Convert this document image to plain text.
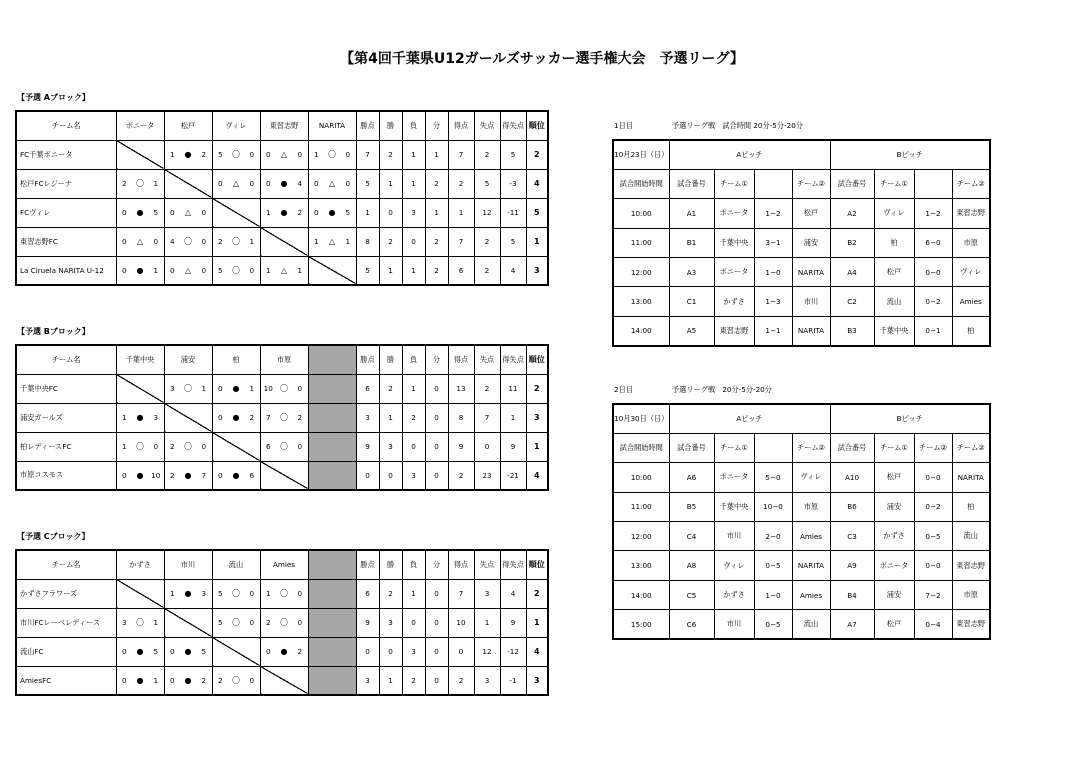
【第4回千葉県U12ガールズサッカー選手権大会　予選リーグ】
【予選 Aブロック】
チーム名	ボニータ			松戸			ヴィレ			東習志野			NARITA			勝点	勝	負	分	得点	失点	得失点	順位
FC千葉ボニータ				1	●	2	5	〇	0	0	△	0	1	〇	0	7	2	1	1	7	2	5	2
松戸FCレジーナ	2	〇	1				0	△	0	0	●	4	0	△	0	5	1	1	2	2	5	-3	4
FCヴィレ	0	●	5	0	△	0				1	●	2	0	●	5	1	0	3	1	1	12	-11	5
東習志野FC	0	△	0	4	〇	0	2	〇	1				1	△	1	8	2	0	2	7	2	5	1
La Ciruela NARITA U-12	0	●	1	0	△	0	5	〇	0	1	△	1				5	1	1	2	6	2	4	3
【予選 Bブロック】
チーム名	千葉中央			浦安			柏			市原				勝点	勝	負	分	得点	失点	得失点	順位
千葉中央FC				3	〇	1	0	●	1	10	〇	0		6	2	1	0	13	2	11	2
浦安ガールズ	1	●	3				0	●	2	7	〇	2		3	1	2	0	8	7	1	3
柏レディースFC	1	〇	0	2	〇	0				6	〇	0		9	3	0	0	9	0	9	1
市原コスモス	0	●	10	2	●	7	0	●	6					0	0	3	0	2	23	-21	4
【予選 Cブロック】
チーム名	かずさ			市川			流山			Amies				勝点	勝	負	分	得点	失点	得失点	順位
かずさフラワーズ				1	●	3	5	〇	0	1	〇	0		6	2	1	0	7	3	4	2
市川FCレーベレディース	3	〇	1				5	〇	0	2	〇	0		9	3	0	0	10	1	9	1
流山FC	0	●	5	0	●	5				0	●	2		0	0	3	0	0	12	-12	4
AmiesFC	0	●	1	0	●	2	2	〇	0					3	1	2	0	2	3	-1	3
1日目	予選リーグ戦　試合時間 20分-5分-20分
10月23日（日）	Aピッチ				Bピッチ			
試合開始時間	試合番号	チーム①		チーム②	試合番号	チーム①		チーム②
10:00	A1	ボニータ	1−2	松戸	A2	ヴィレ	1−2	東習志野
11:00	B1	千葉中央	3−1	浦安	B2	柏	6−0	市原
12:00	A3	ボニータ	1−0	NARITA	A4	松戸	0−0	ヴィレ
13:00	C1	かずさ	1−3	市川	C2	流山	0−2	Amies
14:00	A5	東習志野	1−1	NARITA	B3	千葉中央	0−1	柏
2日目	予選リーグ戦　20分-5分-20分
10月30日（日）	Aピッチ				Bピッチ			
試合開始時間	試合番号	チーム①		チーム②	試合番号	チーム①	チーム②	チーム②
10:00	A6	ボニータ	5−0	ヴィレ	A10	松戸	0−0	NARITA
11:00	B5	千葉中央	10−0	市原	B6	浦安	0−2	柏
12:00	C4	市川	2−0	Amies	C3	かずさ	0−5	流山
13:00	A8	ヴィレ	0−5	NARITA	A9	ボニータ	0−0	東習志野
14:00	C5	かずさ	1−0	Amies	B4	浦安	7−2	市原
15:00	C6	市川	0−5	流山	A7	松戸	0−4	東習志野
